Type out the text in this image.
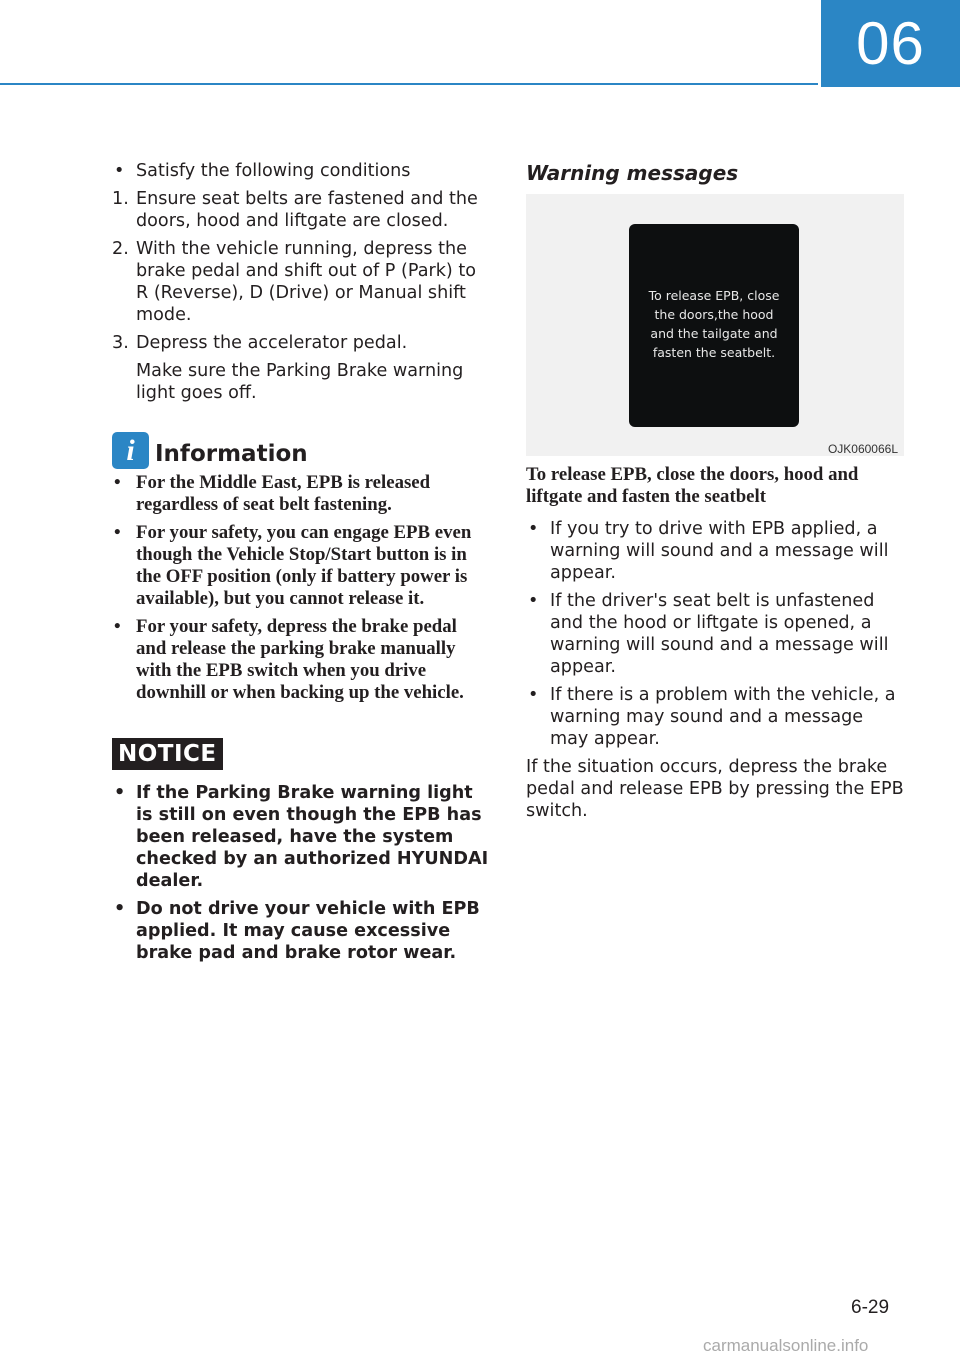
06
• Satisfy the following conditions
1. Ensure seat belts are fastened and the doors, hood and liftgate are closed.
2. With the vehicle running, depress the brake pedal and shift out of P (Park) to R (Reverse), D (Drive) or Manual shift mode.
3. Depress the accelerator pedal.
Make sure the Parking Brake warning light goes off.
i Information
• For the Middle East, EPB is released regardless of seat belt fastening.
• For your safety, you can engage EPB even though the Vehicle Stop/Start button is in the OFF position (only if battery power is available), but you cannot release it.
• For your safety, depress the brake pedal and release the parking brake manually with the EPB switch when you drive downhill or when backing up the vehicle.
NOTICE
• If the Parking Brake warning light is still on even though the EPB has been released, have the system checked by an authorized HYUNDAI dealer.
• Do not drive your vehicle with EPB applied. It may cause excessive brake pad and brake rotor wear.
Warning messages
To release EPB, close
the doors,the hood
and the tailgate and
fasten the seatbelt.
OJK060066L
To release EPB, close the doors, hood and liftgate and fasten the seatbelt
• If you try to drive with EPB applied, a warning will sound and a message will appear.
• If the driver's seat belt is unfastened and the hood or liftgate is opened, a warning will sound and a message will appear.
• If there is a problem with the vehicle, a warning may sound and a message may appear.
If the situation occurs, depress the brake pedal and release EPB by pressing the EPB switch.
6-29
carmanualsonline.info
